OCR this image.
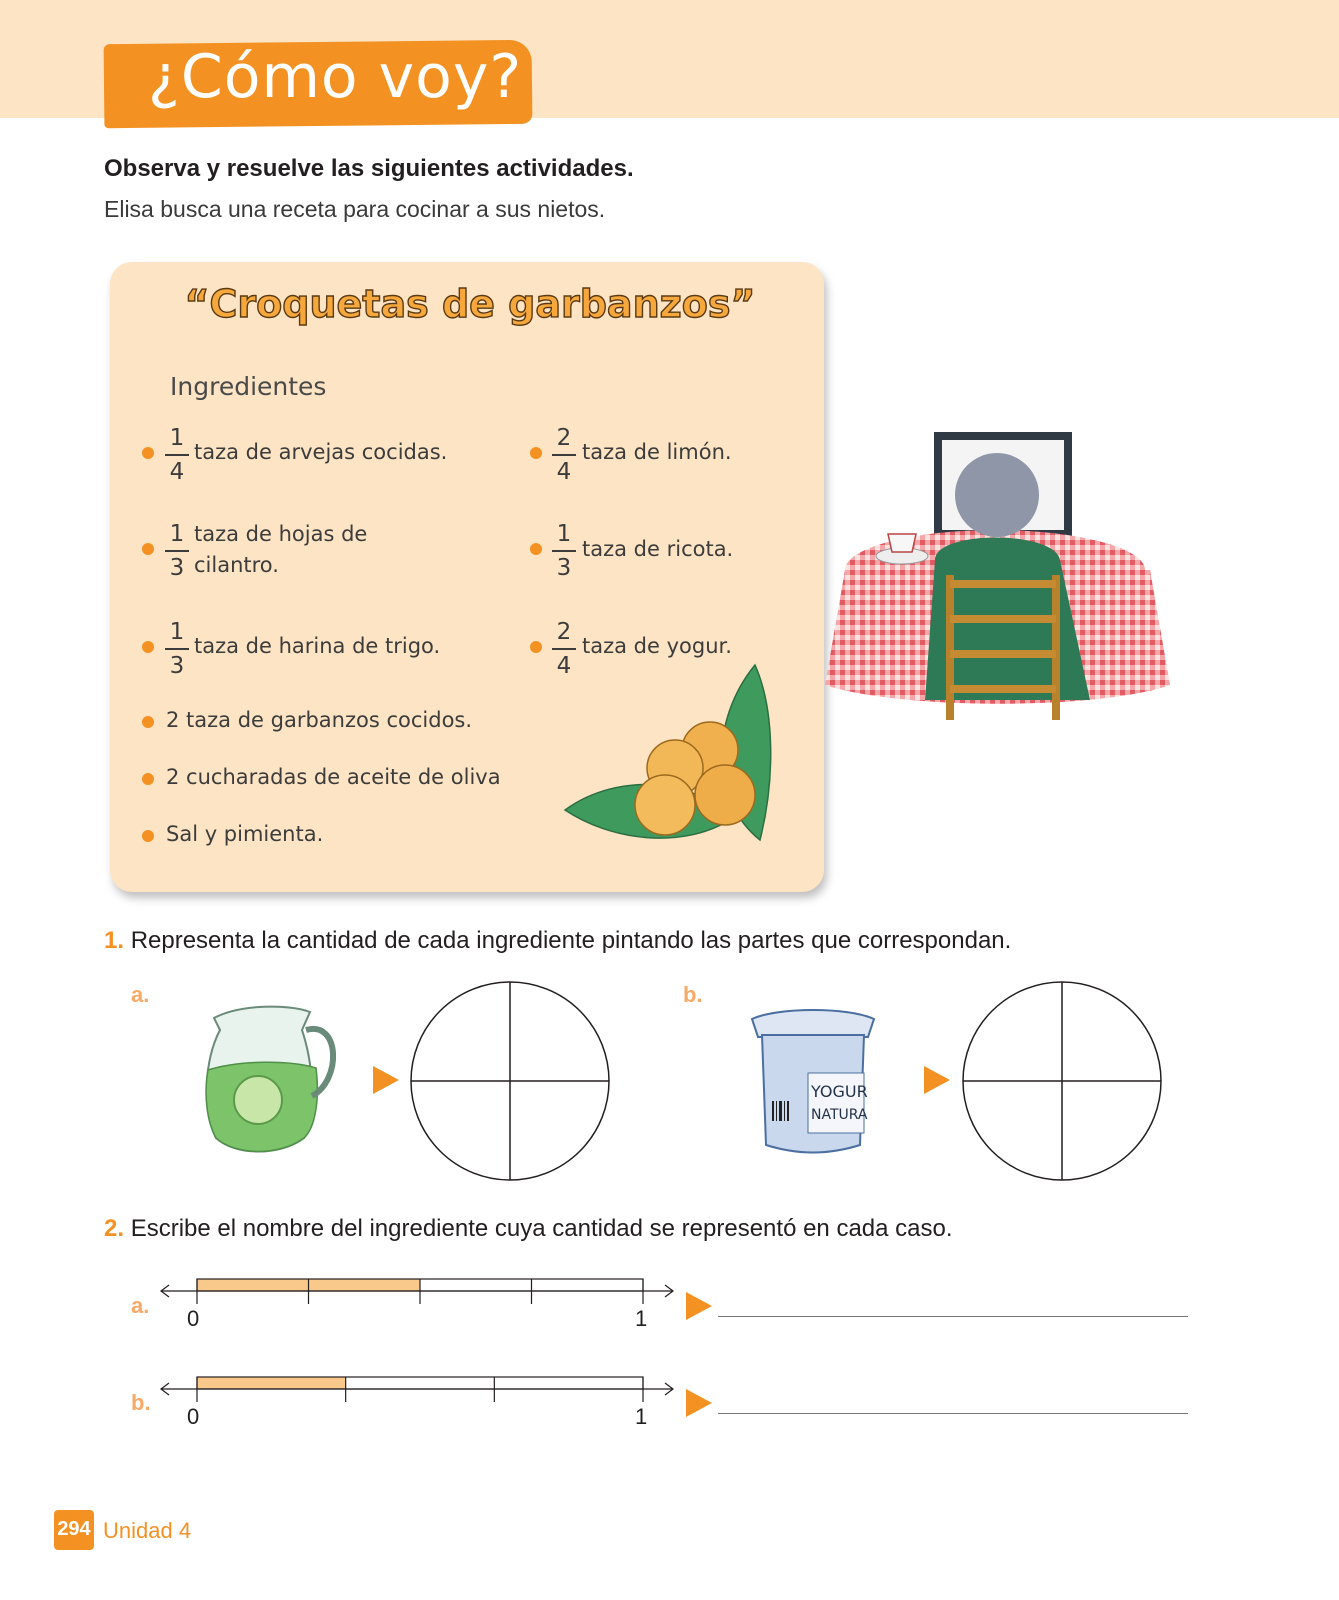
¿Cómo voy?
Observa y resuelve las siguientes actividades.
Elisa busca una receta para cocinar a sus nietos.
“Croquetas de garbanzos”
Ingredientes
1
4
taza de arvejas cocidas.
1
3
taza de hojas de
cilantro.
1
3
taza de harina de trigo.
2
4
taza de limón.
1
3
taza de ricota.
2
4
taza de yogur.
2 taza de garbanzos cocidos.
2 cucharadas de aceite de oliva
Sal y pimienta.
1. Representa la cantidad de cada ingrediente pintando las partes que correspondan.
a.	b.
YOGUR
NATURA
2. Escribe el nombre del ingrediente cuya cantidad se representó en cada caso.
a.
0	1
b.
0	1
294 Unidad 4
